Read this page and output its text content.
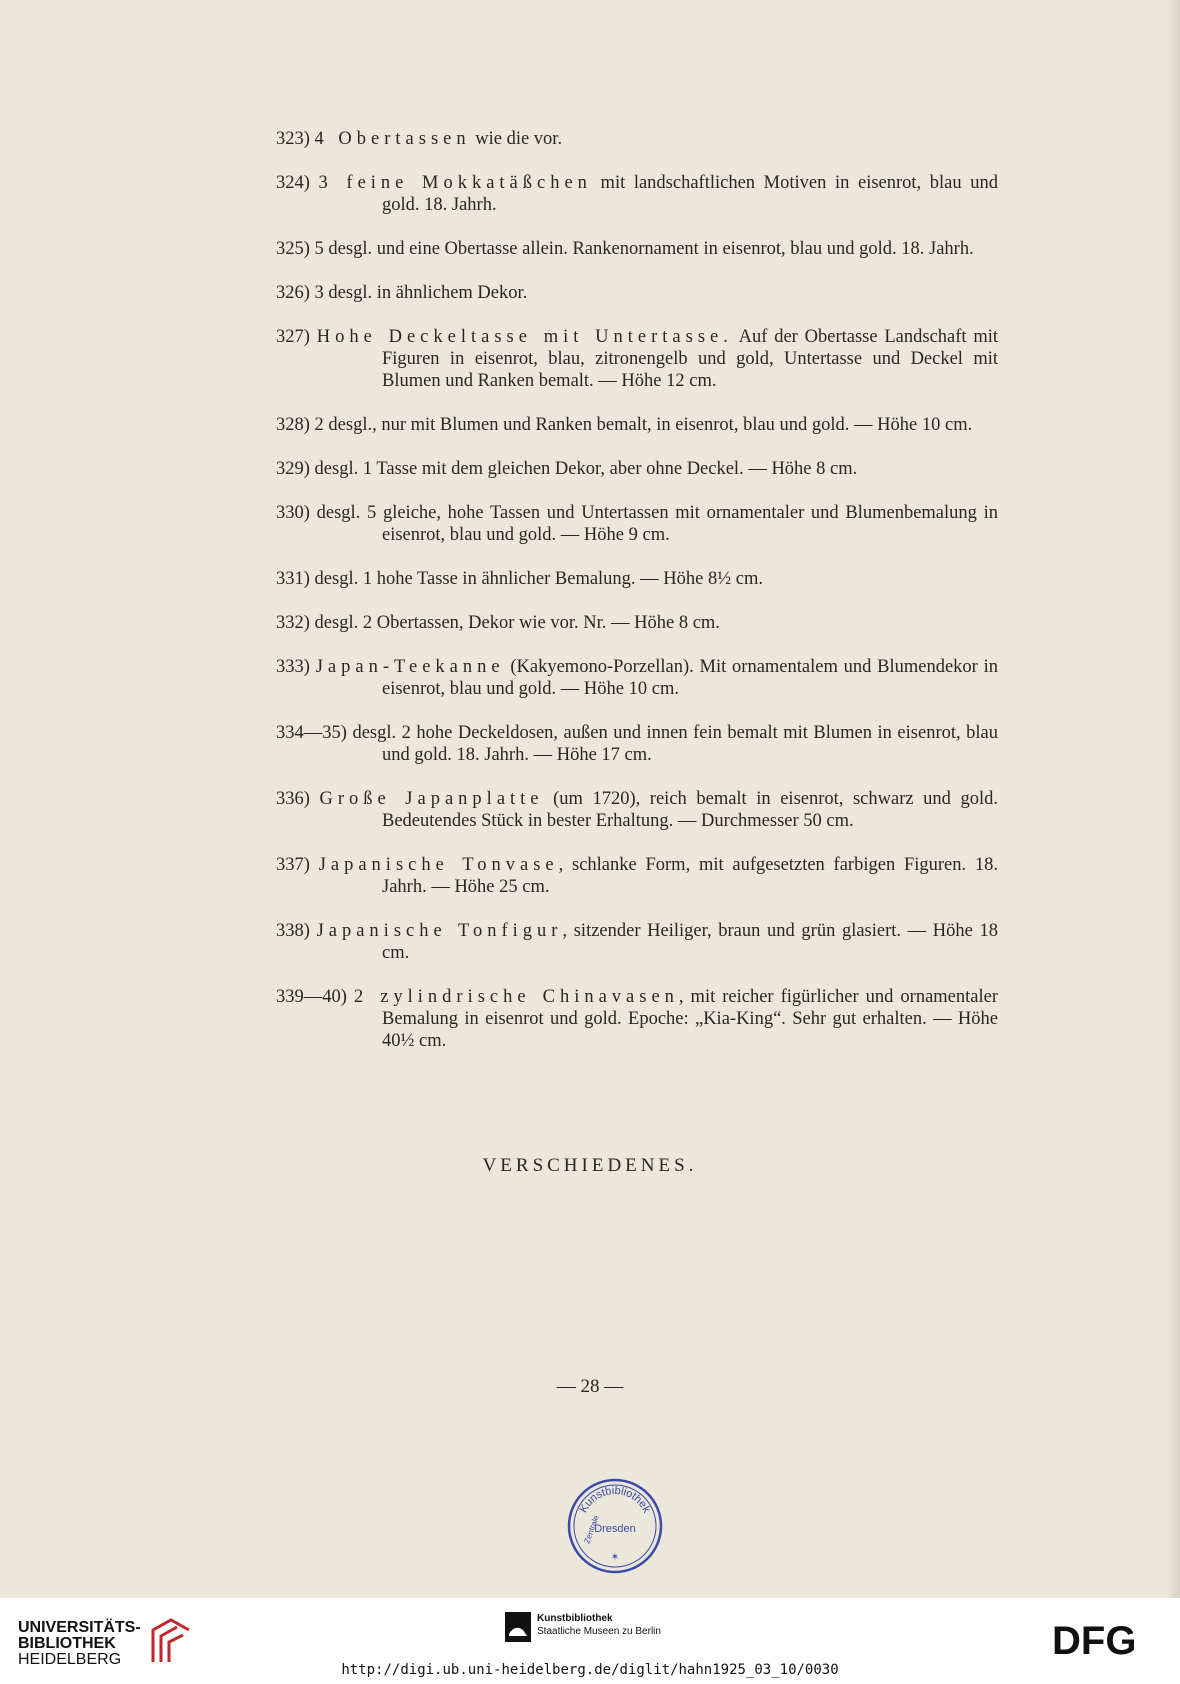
323) 4 Obertassen wie die vor.

324) 3 feine Mokkatäßchen mit landschaftlichen Motiven in eisenrot, blau und gold. 18. Jahrh.

325) 5 desgl. und eine Obertasse allein. Rankenornament in eisenrot, blau und gold. 18. Jahrh.

326) 3 desgl. in ähnlichem Dekor.

327) Hohe Deckeltasse mit Untertasse. Auf der Obertasse Landschaft mit Figuren in eisenrot, blau, zitronengelb und gold, Untertasse und Deckel mit Blumen und Ranken bemalt. — Höhe 12 cm.

328) 2 desgl., nur mit Blumen und Ranken bemalt, in eisenrot, blau und gold. — Höhe 10 cm.

329) desgl. 1 Tasse mit dem gleichen Dekor, aber ohne Deckel. — Höhe 8 cm.

330) desgl. 5 gleiche, hohe Tassen und Untertassen mit ornamentaler und Blumenbemalung in eisenrot, blau und gold. — Höhe 9 cm.

331) desgl. 1 hohe Tasse in ähnlicher Bemalung. — Höhe 8½ cm.

332) desgl. 2 Obertassen, Dekor wie vor. Nr. — Höhe 8 cm.

333) Japan-Teekanne (Kakyemono-Porzellan). Mit ornamentalem und Blumendekor in eisenrot, blau und gold. — Höhe 10 cm.

334—35) desgl. 2 hohe Deckeldosen, außen und innen fein bemalt mit Blumen in eisenrot, blau und gold. 18. Jahrh. — Höhe 17 cm.

336) Große Japanplatte (um 1720), reich bemalt in eisenrot, schwarz und gold. Bedeutendes Stück in bester Erhaltung. — Durchmesser 50 cm.

337) Japanische Tonvase, schlanke Form, mit aufgesetzten farbigen Figuren. 18. Jahrh. — Höhe 25 cm.

338) Japanische Tonfigur, sitzender Heiliger, braun und grün glasiert. — Höhe 18 cm.

339—40) 2 zylindrische Chinavasen, mit reicher figürlicher und ornamentaler Bemalung in eisenrot und gold. Epoche: „Kia-King“. Sehr gut erhalten. — Höhe 40½ cm.

VERSCHIEDENES.
— 28 —
Kunstbibliothek
Dresden
Zentrale
✶
UNIVERSITÄTS-
BIBLIOTHEK
HEIDELBERG
Kunstbibliothek
Staatliche Museen zu Berlin	DFG
http://digi.ub.uni-heidelberg.de/diglit/hahn1925_03_10/0030
